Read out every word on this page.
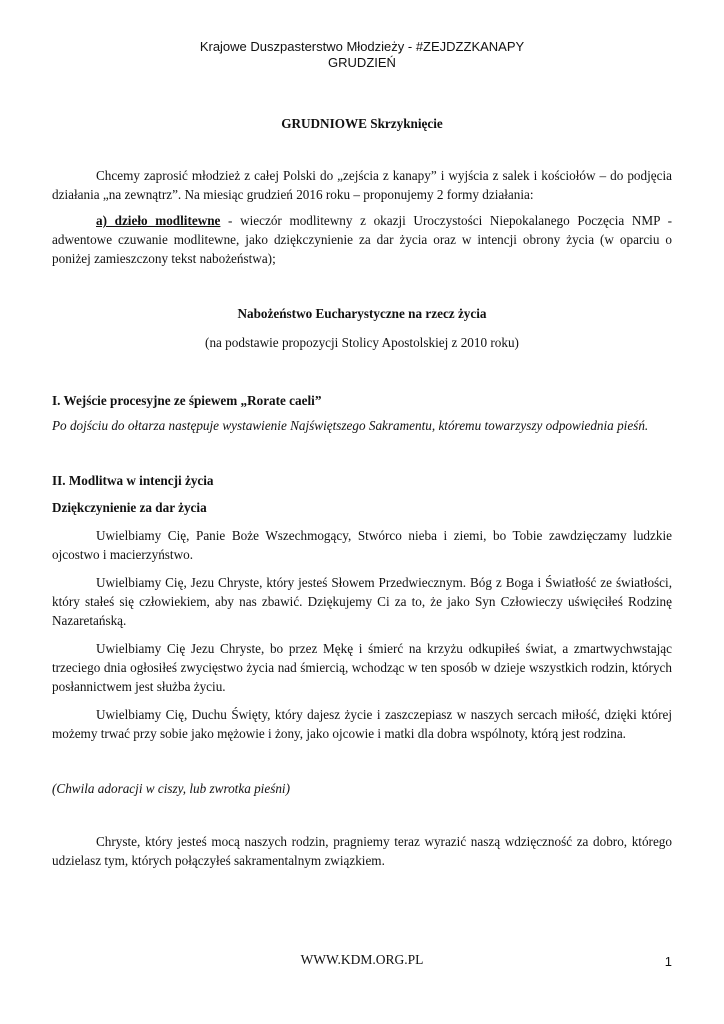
Krajowe Duszpasterstwo Młodzieży - #ZEJDZZKANAPY
GRUDZIEŃ

GRUDNIOWE Skrzyknięcie

Chcemy zaprosić młodzież z całej Polski do „zejścia z kanapy” i wyjścia z salek i kościołów – do podjęcia działania „na zewnątrz”. Na miesiąc grudzień 2016 roku – proponujemy 2 formy działania:

a) dzieło modlitewne - wieczór modlitewny z okazji Uroczystości Niepokalanego Poczęcia NMP - adwentowe czuwanie modlitewne, jako dziękczynienie za dar życia oraz w intencji obrony życia (w oparciu o poniżej zamieszczony tekst nabożeństwa);

Nabożeństwo Eucharystyczne na rzecz życia

(na podstawie propozycji Stolicy Apostolskiej z 2010 roku)

I. Wejście procesyjne ze śpiewem „Rorate caeli”

Po dojściu do ołtarza następuje wystawienie Najświętszego Sakramentu, któremu towarzyszy odpowiednia pieśń.

II. Modlitwa w intencji życia

Dziękczynienie za dar życia

Uwielbiamy Cię, Panie Boże Wszechmogący, Stwórco nieba i ziemi, bo Tobie zawdzięczamy ludzkie ojcostwo i macierzyństwo.

Uwielbiamy Cię, Jezu Chryste, który jesteś Słowem Przedwiecznym. Bóg z Boga i Światłość ze światłości, który stałeś się człowiekiem, aby nas zbawić. Dziękujemy Ci za to, że jako Syn Człowieczy uświęciłeś Rodzinę Nazaretańską.

Uwielbiamy Cię Jezu Chryste, bo przez Mękę i śmierć na krzyżu odkupiłeś świat, a zmartwychwstając trzeciego dnia ogłosiłeś zwycięstwo życia nad śmiercią, wchodząc w ten sposób w dzieje wszystkich rodzin, których posłannictwem jest służba życiu.

Uwielbiamy Cię, Duchu Święty, który dajesz życie i zaszczepiasz w naszych sercach miłość, dzięki której możemy trwać przy sobie jako mężowie i żony, jako ojcowie i matki dla dobra wspólnoty, którą jest rodzina.

(Chwila adoracji w ciszy, lub zwrotka pieśni)

Chryste, który jesteś mocą naszych rodzin, pragniemy teraz wyrazić naszą wdzięczność za dobro, którego udzielasz tym, których połączyłeś sakramentalnym związkiem.

WWW.KDM.ORG.PL	1
